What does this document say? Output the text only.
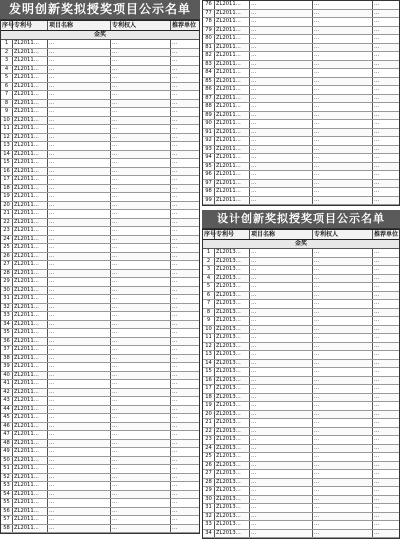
发明创新奖拟授奖项目公示名单
序号 专利号	项目名称	专利权人	推荐单位
金奖
1	ZL2011…	…	…	…
2	ZL2011…	…	…	…
3	ZL2011…	…	…	…
4	ZL2011…	…	…	…
5	ZL2011…	…	…	…
6	ZL2011…	…	…	…
7	ZL2011…	…	…	…
8	ZL2011…	…	…	…
9	ZL2011…	…	…	…
10 ZL2011…	…	…	…
11 ZL2011…	…	…	…
12 ZL2011…	…	…	…
13 ZL2011…	…	…	…
14 ZL2011…	…	…	…
15 ZL2011…	…	…	…
16 ZL2011…	…	…	…
17 ZL2011…	…	…	…
18 ZL2011…	…	…	…
19 ZL2011…	…	…	…
20 ZL2011…	…	…	…
21 ZL2011…	…	…	…
22 ZL2011…	…	…	…
23 ZL2011…	…	…	…
24 ZL2011…	…	…	…
25 ZL2011…	…	…	…
26 ZL2011…	…	…	…
27 ZL2011…	…	…	…
28 ZL2011…	…	…	…
29 ZL2011…	…	…	…
30 ZL2011…	…	…	…
31 ZL2011…	…	…	…
32 ZL2011…	…	…	…
33 ZL2011…	…	…	…
34 ZL2011…	…	…	…
35 ZL2011…	…	…	…
36 ZL2011…	…	…	…
37 ZL2011…	…	…	…
38 ZL2011…	…	…	…
39 ZL2011…	…	…	…
40 ZL2011…	…	…	…
41 ZL2011…	…	…	…
42 ZL2011…	…	…	…
43 ZL2011…	…	…	…
44 ZL2011…	…	…	…
45 ZL2011…	…	…	…
46 ZL2011…	…	…	…
47 ZL2011…	…	…	…
48 ZL2011…	…	…	…
49 ZL2011…	…	…	…
50 ZL2011…	…	…	…
51 ZL2011…	…	…	…
52 ZL2011…	…	…	…
53 ZL2011…	…	…	…
54 ZL2011…	…	…	…
55 ZL2011…	…	…	…
56 ZL2011…	…	…	…
57 ZL2011…	…	…	…
58 ZL2011…	…	…	…
76 ZL2011…	…	…	…
77 ZL2011…	…	…	…
78 ZL2011…	…	…	…
79 ZL2011…	…	…	…
80 ZL2011…	…	…	…
81 ZL2011…	…	…	…
82 ZL2011…	…	…	…
83 ZL2011…	…	…	…
84 ZL2011…	…	…	…
85 ZL2011…	…	…	…
86 ZL2011…	…	…	…
87 ZL2011…	…	…	…
88 ZL2011…	…	…	…
89 ZL2011…	…	…	…
90 ZL2011…	…	…	…
91 ZL2011…	…	…	…
92 ZL2011…	…	…	…
93 ZL2011…	…	…	…
94 ZL2011…	…	…	…
95 ZL2011…	…	…	…
96 ZL2011…	…	…	…
97 ZL2011…	…	…	…
98 ZL2011…	…	…	…
99 ZL2011…	…	…	…
设计创新奖拟授奖项目公示名单
序号 专利号	项目名称	专利权人	推荐单位
金奖
1	ZL2013…	…	…	…
2	ZL2013…	…	…	…
3	ZL2013…	…	…	…
4	ZL2013…	…	…	…
5	ZL2013…	…	…	…
6	ZL2013…	…	…	…
7	ZL2013…	…	…	…
8	ZL2013…	…	…	…
9	ZL2013…	…	…	…
10 ZL2013…	…	…	…
11 ZL2013…	…	…	…
12 ZL2013…	…	…	…
13 ZL2013…	…	…	…
14 ZL2013…	…	…	…
15 ZL2013…	…	…	…
16 ZL2013…	…	…	…
17 ZL2013…	…	…	…
18 ZL2013…	…	…	…
19 ZL2013…	…	…	…
20 ZL2013…	…	…	…
21 ZL2013…	…	…	…
22 ZL2013…	…	…	…
23 ZL2013…	…	…	…
24 ZL2013…	…	…	…
25 ZL2013…	…	…	…
26 ZL2013…	…	…	…
27 ZL2013…	…	…	…
28 ZL2013…	…	…	…
29 ZL2013…	…	…	…
30 ZL2013…	…	…	…
31 ZL2013…	…	…	…
32 ZL2013…	…	…	…
33 ZL2013…	…	…	…
34 ZL2013…	…	…	…
